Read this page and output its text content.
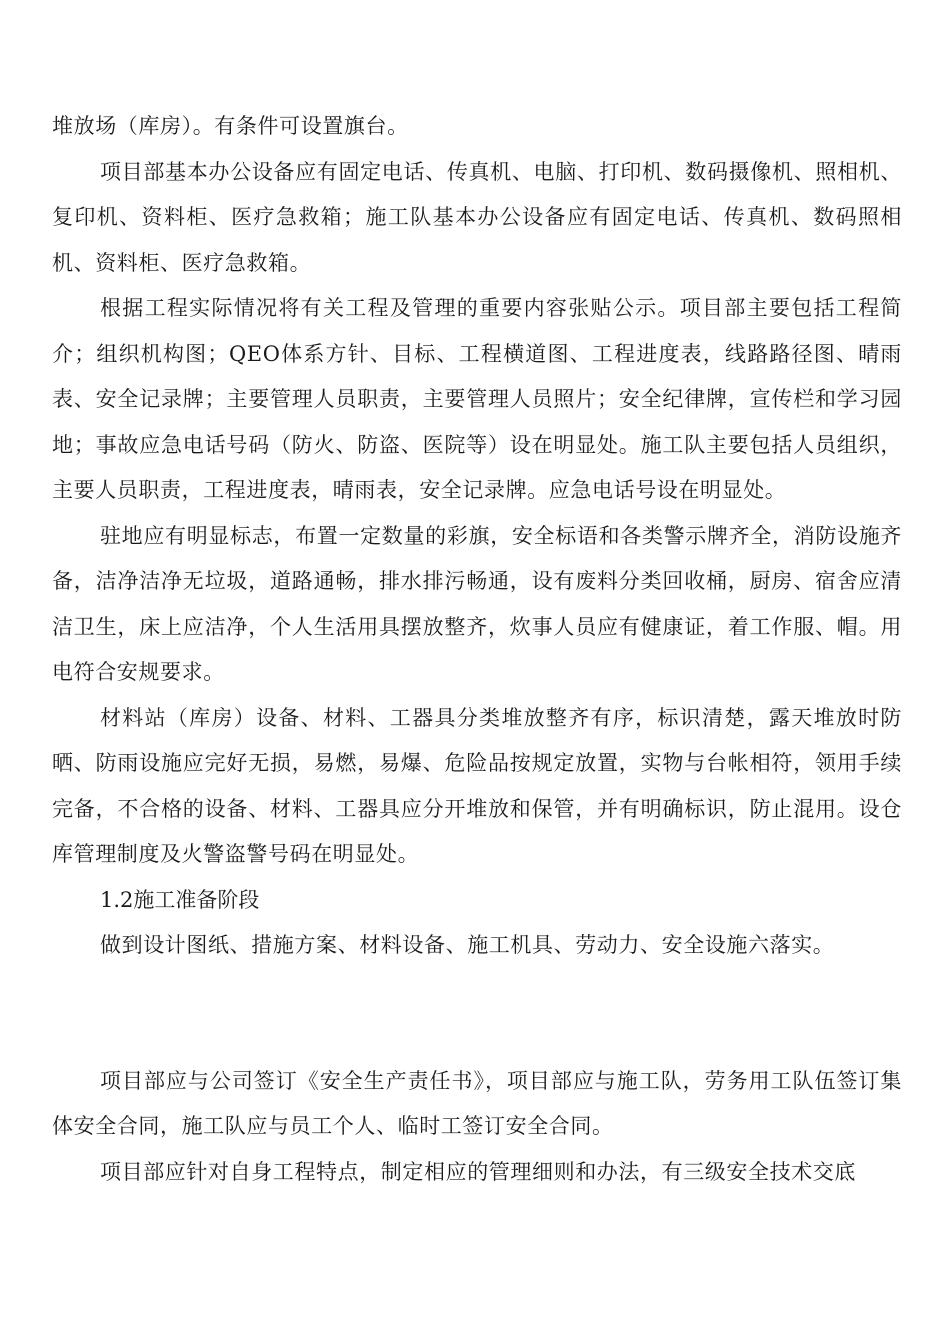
堆放场（库房）。有条件可设置旗台。

项目部基本办公设备应有固定电话、传真机、电脑、打印机、数码摄像机、照相机、复印机、资料柜、医疗急救箱；施工队基本办公设备应有固定电话、传真机、数码照相机、资料柜、医疗急救箱。

根据工程实际情况将有关工程及管理的重要内容张贴公示。项目部主要包括工程简介；组织机构图；QEO体系方针、目标、工程横道图、工程进度表，线路路径图、晴雨表、安全记录牌；主要管理人员职责，主要管理人员照片；安全纪律牌，宣传栏和学习园地；事故应急电话号码（防火、防盗、医院等）设在明显处。施工队主要包括人员组织，主要人员职责，工程进度表，晴雨表，安全记录牌。应急电话号设在明显处。

驻地应有明显标志，布置一定数量的彩旗，安全标语和各类警示牌齐全，消防设施齐备，洁净洁净无垃圾，道路通畅，排水排污畅通，设有废料分类回收桶，厨房、宿舍应清洁卫生，床上应洁净，个人生活用具摆放整齐，炊事人员应有健康证，着工作服、帽。用电符合安规要求。

材料站（库房）设备、材料、工器具分类堆放整齐有序，标识清楚，露天堆放时防晒、防雨设施应完好无损，易燃，易爆、危险品按规定放置，实物与台帐相符，领用手续完备，不合格的设备、材料、工器具应分开堆放和保管，并有明确标识，防止混用。设仓库管理制度及火警盗警号码在明显处。

1.2施工准备阶段

做到设计图纸、措施方案、材料设备、施工机具、劳动力、安全设施六落实。

项目部应与公司签订《安全生产责任书》，项目部应与施工队，劳务用工队伍签订集体安全合同，施工队应与员工个人、临时工签订安全合同。

项目部应针对自身工程特点，制定相应的管理细则和办法，有三级安全技术交底
